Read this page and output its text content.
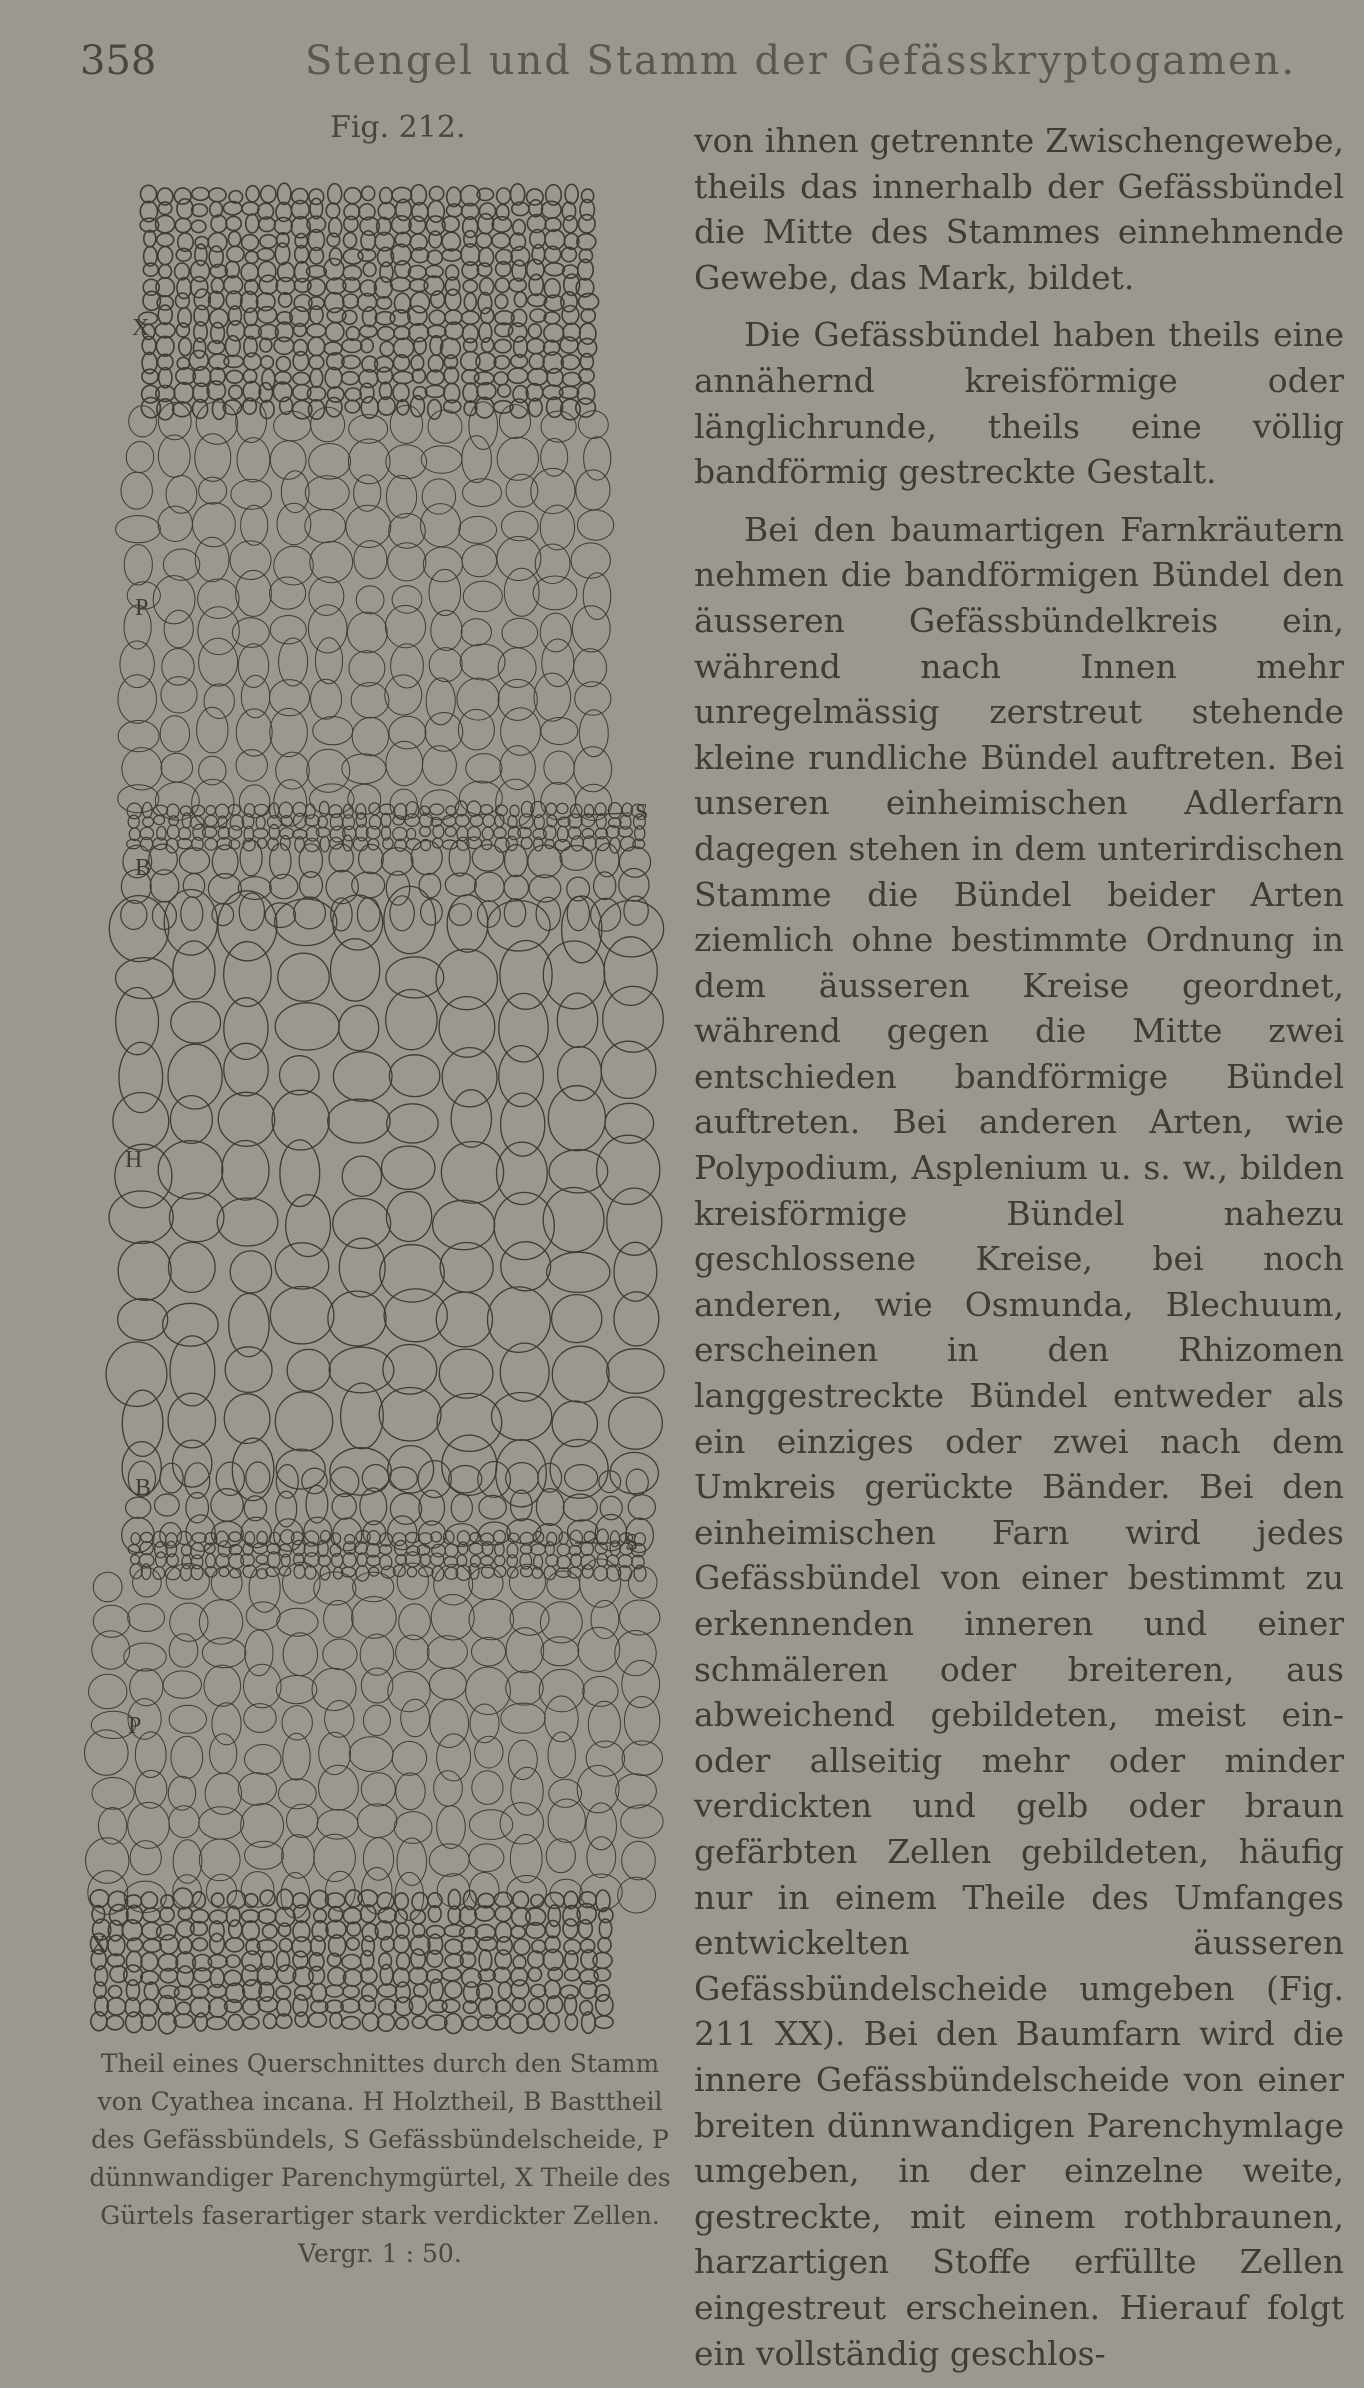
358	Stengel und Stamm der Gefässkryptogamen.
Fig. 212.
X
P
S
B
H
B
S
P
X

Theil eines Querschnittes durch den Stamm von Cyathea incana. H Holztheil, B Basttheil des Gefässbündels, S Gefässbündelscheide, P dünnwandiger Parenchymgürtel, X Theile des Gürtels faserartiger stark verdickter Zellen. Vergr. 1 : 50.

von ihnen getrennte Zwischengewebe, theils das innerhalb der Gefässbündel die Mitte des Stammes einnehmende Gewebe, das Mark, bildet.

Die Gefässbündel haben theils eine annähernd kreisförmige oder länglichrunde, theils eine völlig bandförmig gestreckte Gestalt.

Bei den baumartigen Farnkräutern nehmen die bandförmigen Bündel den äusseren Gefässbündelkreis ein, während nach Innen mehr unregelmässig zerstreut stehende kleine rundliche Bündel auftreten. Bei unseren einheimischen Adlerfarn dagegen stehen in dem unterirdischen Stamme die Bündel beider Arten ziemlich ohne bestimmte Ordnung in dem äusseren Kreise geordnet, während gegen die Mitte zwei entschieden bandförmige Bündel auftreten. Bei anderen Arten, wie Polypodium, Asplenium u. s. w., bilden kreisförmige Bündel nahezu geschlossene Kreise, bei noch anderen, wie Osmunda, Blechuum, erscheinen in den Rhizomen langgestreckte Bündel entweder als ein einziges oder zwei nach dem Umkreis gerückte Bänder. Bei den einheimischen Farn wird jedes Gefässbündel von einer bestimmt zu erkennenden inneren und einer schmäleren oder breiteren, aus abweichend gebildeten, meist ein- oder allseitig mehr oder minder verdickten und gelb oder braun gefärbten Zellen gebildeten, häufig nur in einem Theile des Umfanges entwickelten äusseren Gefässbündelscheide umgeben (Fig. 211 XX). Bei den Baumfarn wird die innere Gefässbündelscheide von einer breiten dünnwandigen Parenchymlage umgeben, in der einzelne weite, gestreckte, mit einem rothbraunen, harzartigen Stoffe erfüllte Zellen eingestreut erscheinen. Hierauf folgt ein vollständig geschlos-
